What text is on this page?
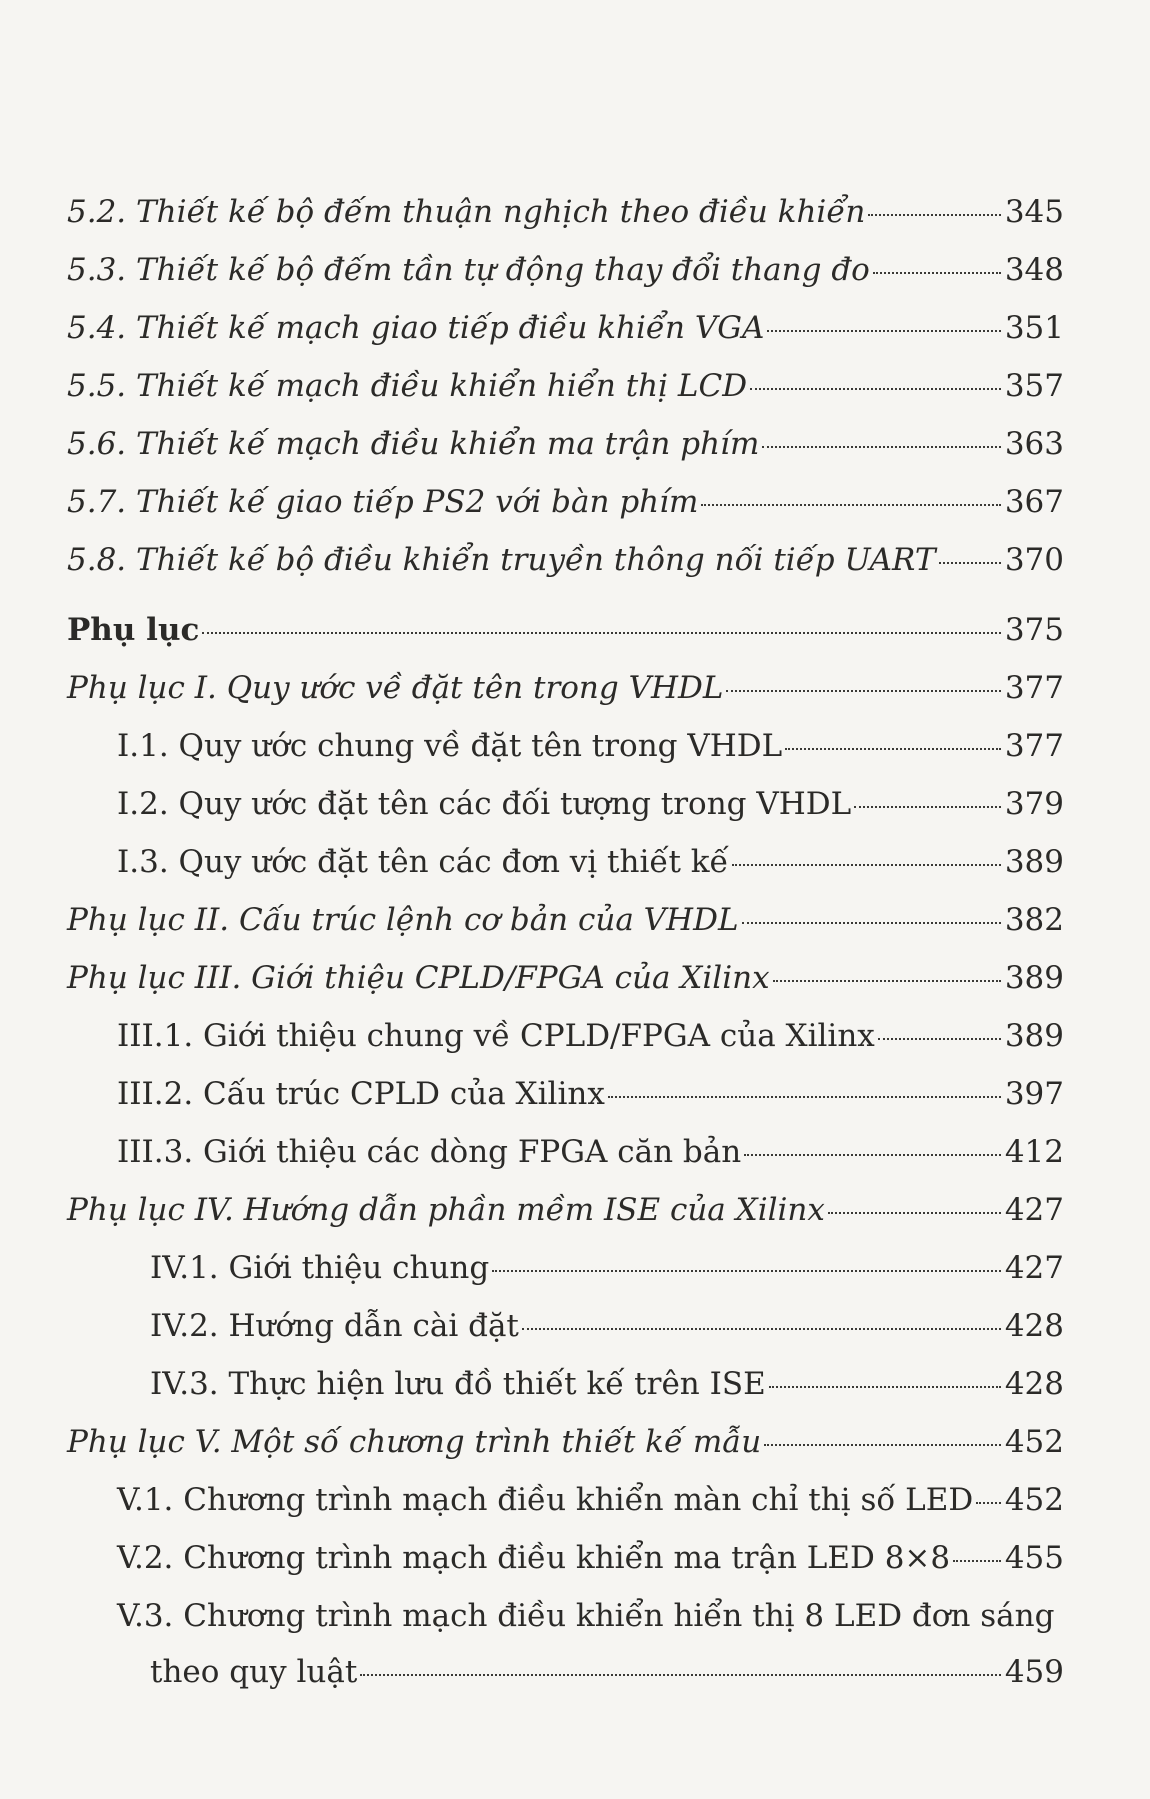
5.2. Thiết kế bộ đếm thuận nghịch theo điều khiển	345
5.3. Thiết kế bộ đếm tần tự động thay đổi thang đo	348
5.4. Thiết kế mạch giao tiếp điều khiển VGA	351
5.5. Thiết kế mạch điều khiển hiển thị LCD	357
5.6. Thiết kế mạch điều khiển ma trận phím	363
5.7. Thiết kế giao tiếp PS2 với bàn phím	367
5.8. Thiết kế bộ điều khiển truyền thông nối tiếp UART 370
Phụ lục	375
Phụ lục I. Quy ước về đặt tên trong VHDL	377
I.1. Quy ước chung về đặt tên trong VHDL	377
I.2. Quy ước đặt tên các đối tượng trong VHDL	379
I.3. Quy ước đặt tên các đơn vị thiết kế	389
Phụ lục II. Cấu trúc lệnh cơ bản của VHDL	382
Phụ lục III. Giới thiệu CPLD/FPGA của Xilinx	389
III.1. Giới thiệu chung về CPLD/FPGA của Xilinx	389
III.2. Cấu trúc CPLD của Xilinx	397
III.3. Giới thiệu các dòng FPGA căn bản	412
Phụ lục IV. Hướng dẫn phần mềm ISE của Xilinx	427
IV.1. Giới thiệu chung	427
IV.2. Hướng dẫn cài đặt	428
IV.3. Thực hiện lưu đồ thiết kế trên ISE	428
Phụ lục V. Một số chương trình thiết kế mẫu	452
V.1. Chương trình mạch điều khiển màn chỉ thị số LED 452
V.2. Chương trình mạch điều khiển ma trận LED 8×8 455
V.3. Chương trình mạch điều khiển hiển thị 8 LED đơn sáng
theo quy luật	459
